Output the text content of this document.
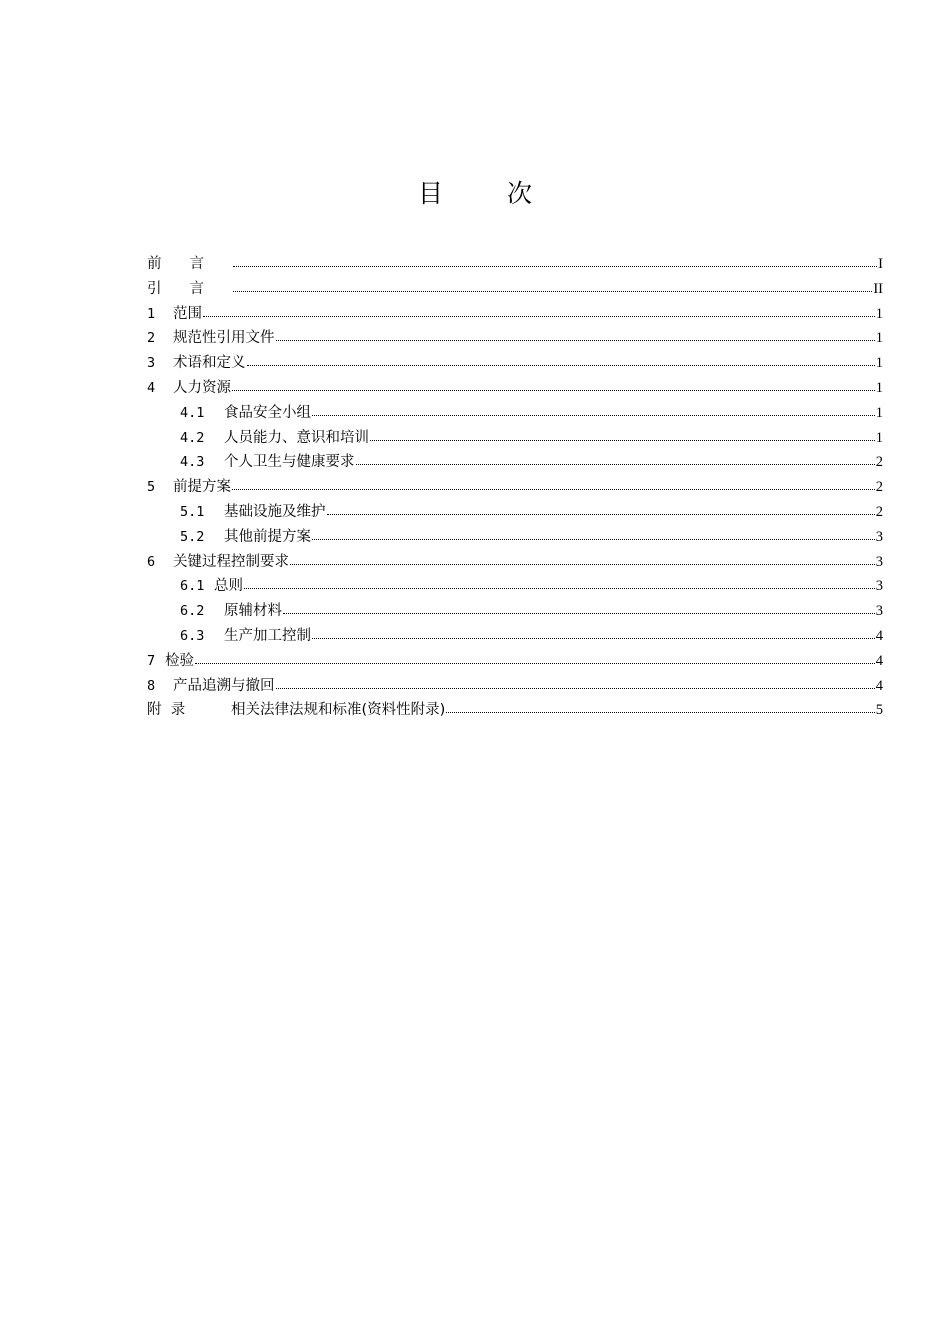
目 次
前言	I
引言	II
1	范围	1
2	规范性引用文件	1
3	术语和定义	1
4	人力资源	1
4.1	食品安全小组	1
4.2	人员能力、意识和培训	1
4.3	个人卫生与健康要求	2
5	前提方案	2
5.1	基础设施及维护	2
5.2	其他前提方案	3
6	关键过程控制要求	3
6.1 总则	3
6.2	原辅材料	3
6.3	生产加工控制	4
7 检验	4
8	产品追溯与撤回	4
附  录	相关法律法规和标准(资料性附录)	5
